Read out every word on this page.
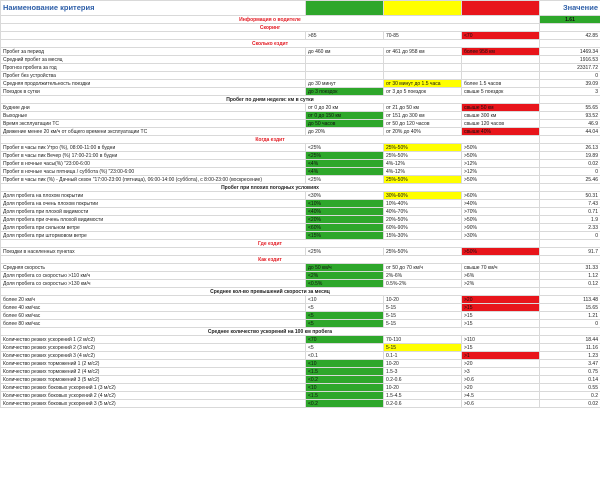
Наименование критерия				Значение
Информация о водителе				1.61
Скоринг				
	>85	70-85	<70	42.85
Сколько ездит				
Пробег за период	до 460 км	от 461 до 958 км	более 958 км	1469.34
Средний пробег за месяц				1916.53
Прогноз пробега за год				23317.72
Пробег без устройства				0
Средняя продолжительность поездки	до 30 минут	от 30 минут до 1.5 часа	более 1.5 часов	39.09
Поездок в сутки	до 3 поездок	от 3 до 5 поездок	свыше 5 поездок	3
Пробег по дням недели: км в сутки				
Будние дни	от 0 до 20 км	от 21 до 50 км	свыше 50 км	55.65
Выходные	от 0 до 150 км	от 151 до 300 км	свыше 300 км	93.52
Время эксплуатации ТС	до 50 часов	от 50 до 120 часов	свыше 120 часов	46.9
Движение менее 20 км/ч от общего времени эксплуатации ТС	до 20%	от 20% до 40%	свыше 40%	44.04
Когда ездит				
Пробег в часы пик Утро (%), 08:00-11:00 в будни	<25%	25%-50%	>50%	26.13
Пробег в часы пик Вечер (%) 17:00-21:00 в будни	<25%	25%-50%	>50%	19.89
Пробег в ночные часы(%) "23:00-6:00	<4%	4%-12%	>12%	0.02
Пробег в ночные часы пятница / суббота (%) "23:00-6:00	<4%	4%-12%	>12%	0
Пробег в часы пик (%) - Дачный сезон "17:00-23:00 (пятница), 06:00-14:00 (суббота), с 8:00-23:00 (воскресение)	<25%	25%-50%	>50%	25.46
Пробег при плохих погодных условиях				
Доля пробега на плохом покрытии	<30%	30%-60%	>60%	50.31
Доля пробега на очень плохом покрытии	<10%	10%-40%	>40%	7.43
Доля пробега при плохой видимости	<40%	40%-70%	>70%	0.71
Доля пробега при очень плохой видимости	<20%	20%-50%	>50%	1.9
Доля пробега при сильном ветре	<60%	60%-90%	>90%	2.33
Доля пробега при штормовом ветре	<15%	15%-30%	>30%	0
Где ездит				
Поездки в населенных пунктах	<25%	25%-50%	>50%	91.7
Как ездит				
Средняя скорость	до 50 км/ч	от 50 до 70 км/ч	свыше 70 км/ч	31.33
Доля пробега со скоростью >110 км/ч	<2%	2%-6%	>6%	1.12
Доля пробега со скоростью >130 км/ч	<0.5%	0.5%-2%	>2%	0.12
Среднее кол-во превышений скорости за месяц				
более 20 км/ч	<10	10-20	>20	113.48
более 40 км/час	<5	5-15	>15	15.65
более 60 км/час	<5	5-15	>15	1.21
более 80 км/час	<5	5-15	>15	0
Среднее количество ускорений на 100 км пробега				
Количество резких ускорений 1 (2 м/с2)	<70	70-110	>110	18.44
Количество резких ускорений 2 (3 м/с2)	<5	5-15	>15	11.16
Количество резких ускорений 3 (4 м/с2)	<0.1	0.1-1	>1	1.23
Количество резких торможений 1 (2 м/с2)	<10	10-20	>20	3.47
Количество резких торможений 2 (4 м/с2)	<1.5	1.5-3	>3	0.75
Количество резких торможений 3 (5 м/с2)	<0.2	0.2-0.6	>0.6	0.14
Количество резких боковых ускорений 1 (3 м/с2)	<10	10-20	>20	0.55
Количество резких боковых ускорений 2 (4 м/с2)	<1.5	1.5-4.5	>4.5	0.2
Количество резких боковых ускорений 3 (5 м/с2)	<0.2	0.2-0.6	>0.6	0.02
